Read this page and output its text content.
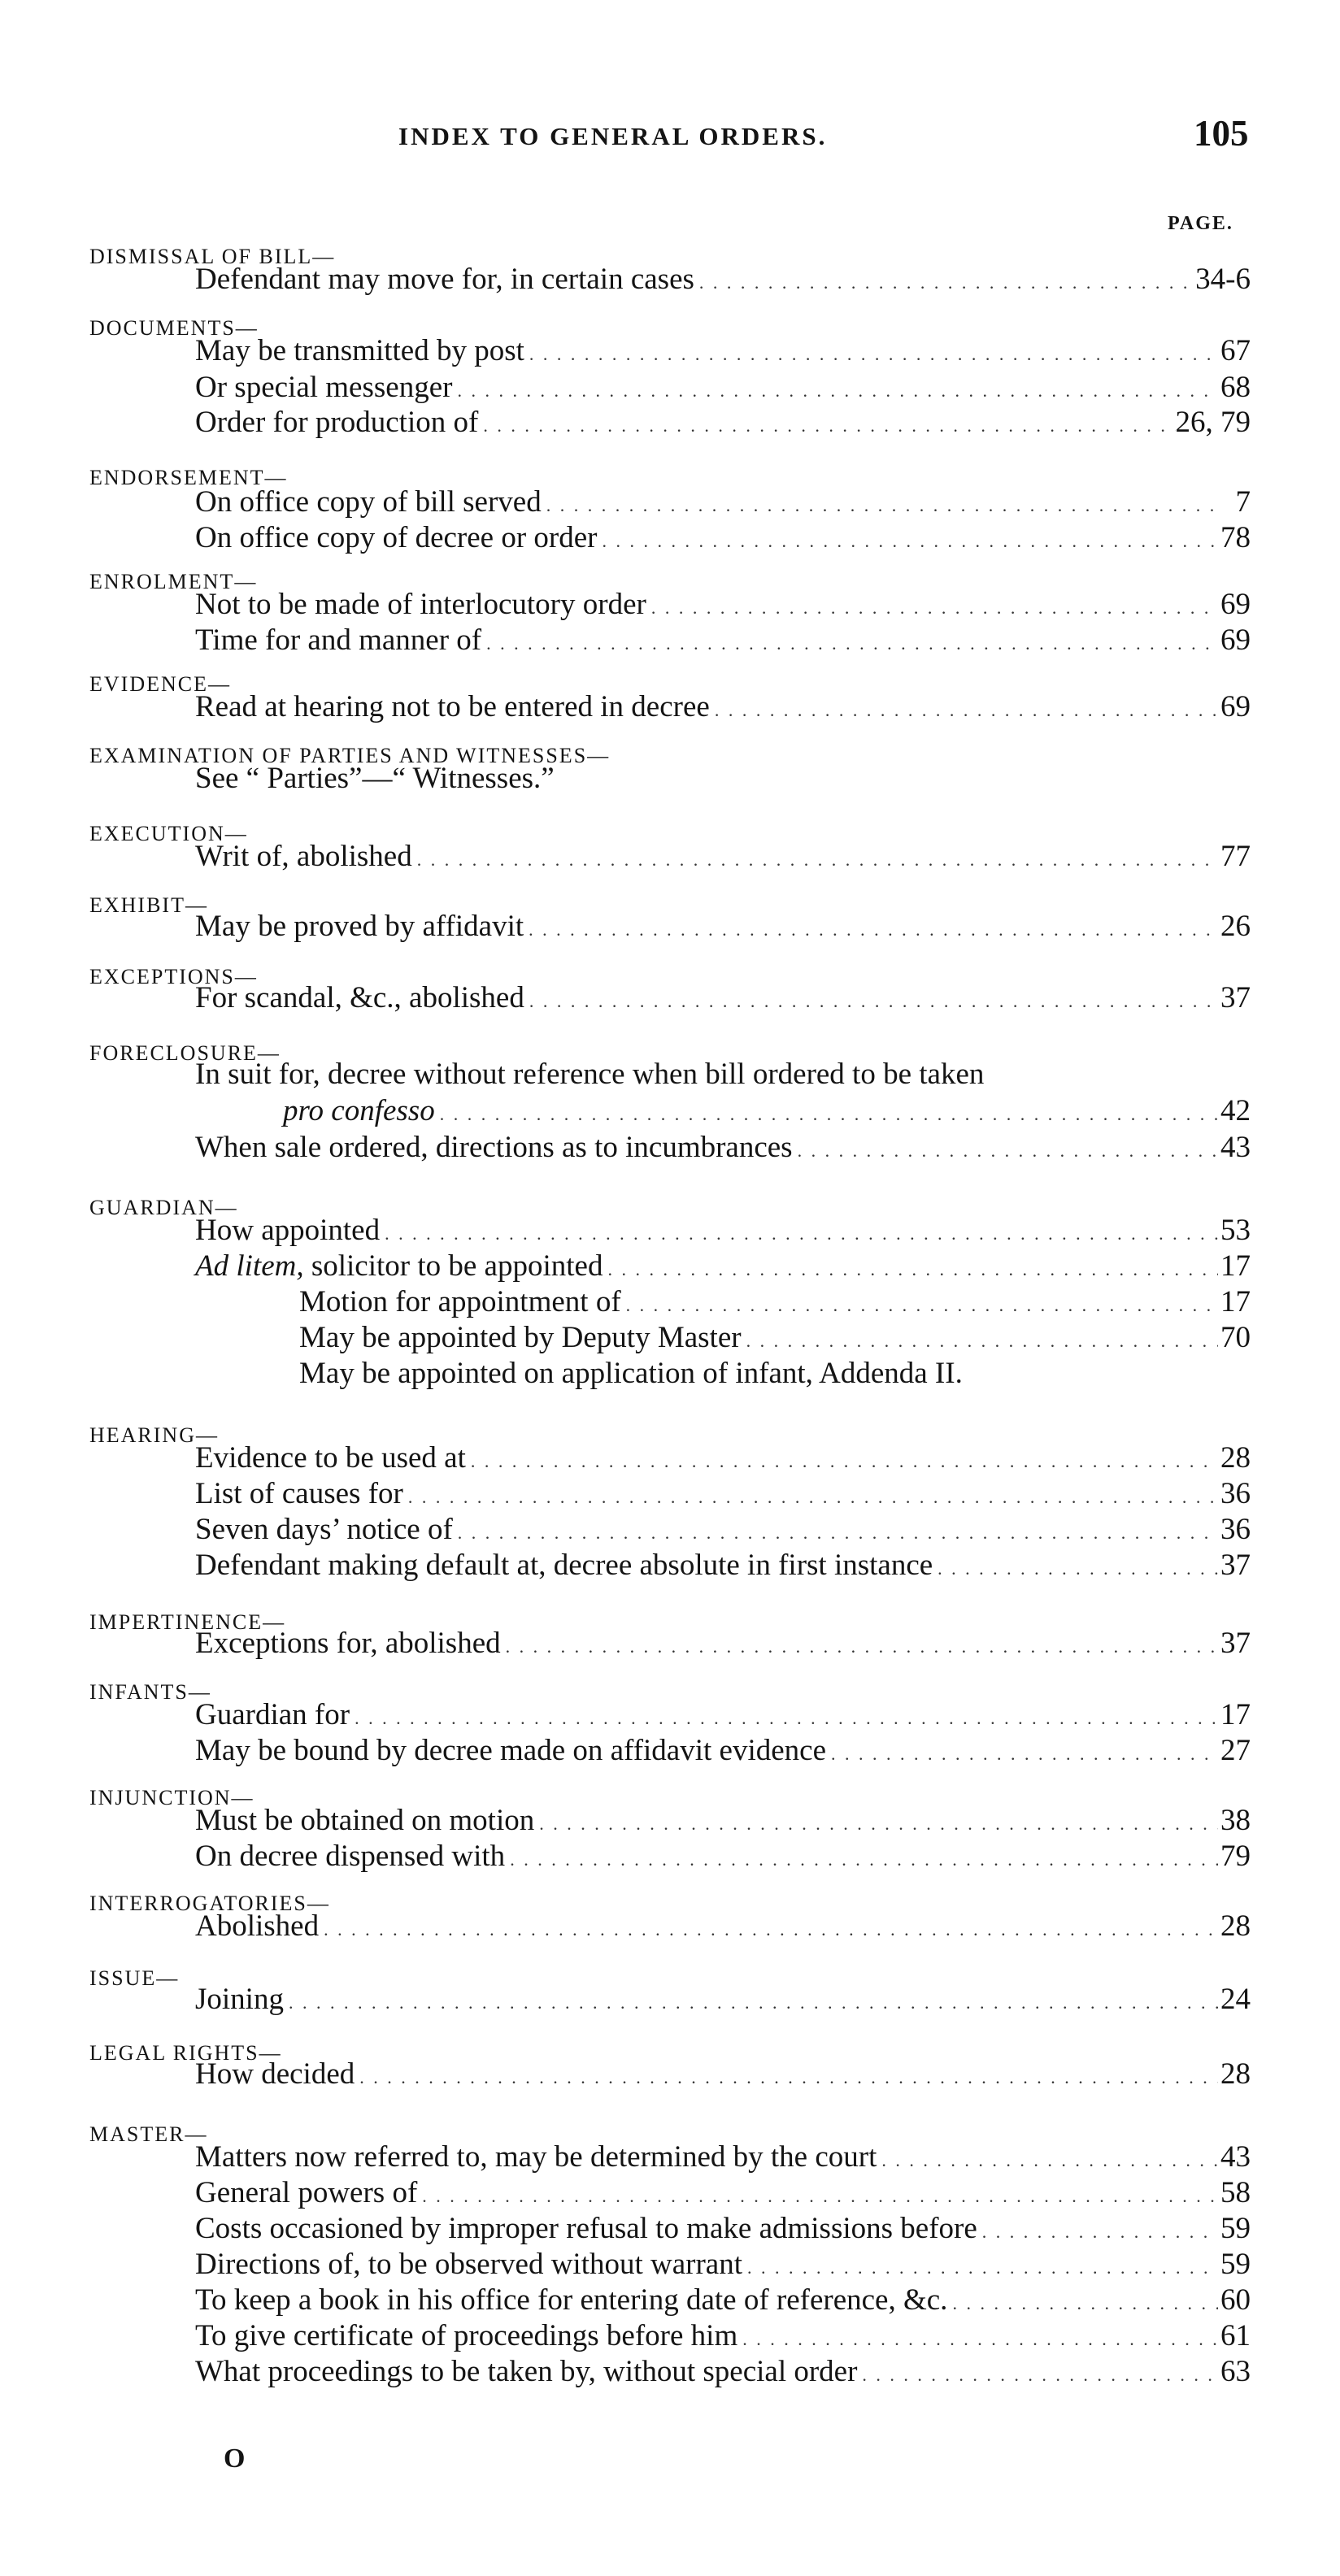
INDEX TO GENERAL ORDERS.	105
PAGE.
DISMISSAL OF BILL—
Defendant may move for, in certain cases . . .	34-6
DOCUMENTS—
May be transmitted by post . . .	67
Or special messenger . . .	68
Order for production of . . .	26, 79
ENDORSEMENT—
On office copy of bill served . . .	7
On office copy of decree or order . . .	78
ENROLMENT—
Not to be made of interlocutory order . . .	69
Time for and manner of . . .	69
EVIDENCE—
Read at hearing not to be entered in decree . . .	69
EXAMINATION OF PARTIES AND WITNESSES—
See “ Parties”—“ Witnesses.”
EXECUTION—
Writ of, abolished . . .	77
EXHIBIT—
May be proved by affidavit . . .	26
EXCEPTIONS—
For scandal, &c., abolished . . .	37
FORECLOSURE—
In suit for, decree without reference when bill ordered to be taken
pro confesso . . .	42
When sale ordered, directions as to incumbrances . . .	43
GUARDIAN—
How appointed . . .	53
Ad litem, solicitor to be appointed . . .	17
Motion for appointment of . . .	17
May be appointed by Deputy Master . . .	70
May be appointed on application of infant, Addenda II.
HEARING—
Evidence to be used at . . .	28
List of causes for . . .	36
Seven days’ notice of . . .	36
Defendant making default at, decree absolute in first instance . . .	37
IMPERTINENCE—
Exceptions for, abolished . . .	37
INFANTS—
Guardian for . . .	17
May be bound by decree made on affidavit evidence . . .	27
INJUNCTION—
Must be obtained on motion . . .	38
On decree dispensed with . . .	79
INTERROGATORIES—
Abolished . . .	28
ISSUE—
Joining . . .	24
LEGAL RIGHTS—
How decided . . .	28
MASTER—
Matters now referred to, may be determined by the court . . .	43
General powers of . . .	58
Costs occasioned by improper refusal to make admissions before . . .	59
Directions of, to be observed without warrant . . .	59
To keep a book in his office for entering date of reference, &c. . . .	60
To give certificate of proceedings before him . . .	61
What proceedings to be taken by, without special order . . .	63
O
